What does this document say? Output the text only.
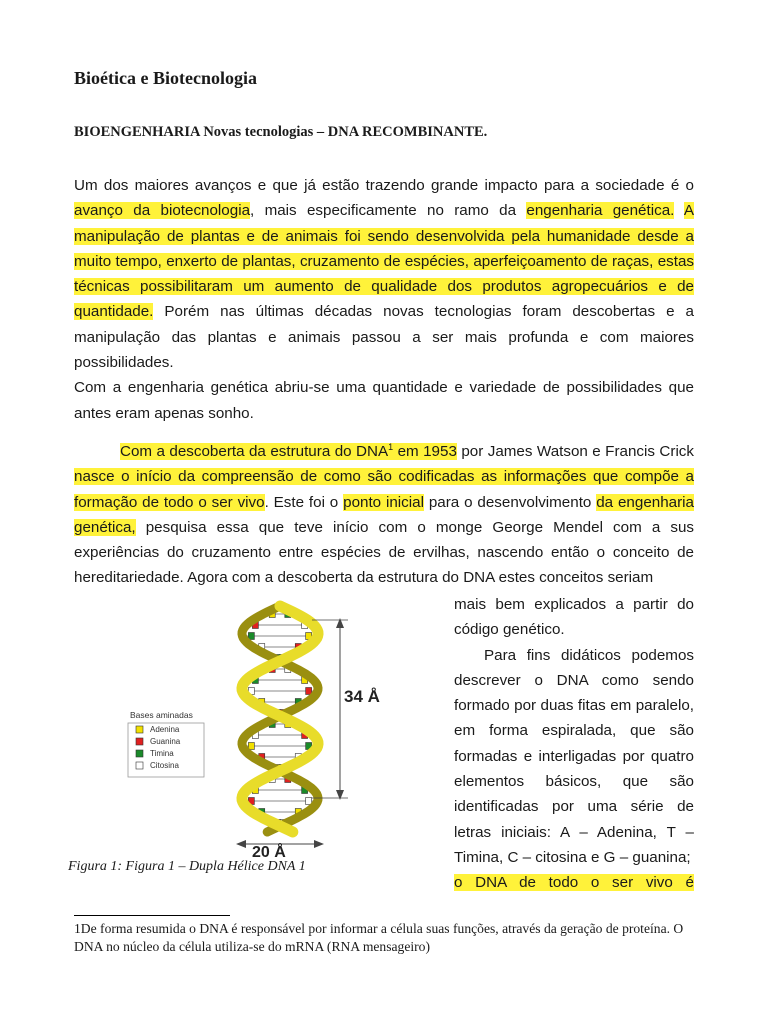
Bioética e Biotecnologia
BIOENGENHARIA Novas tecnologias – DNA RECOMBINANTE.
Um dos maiores avanços e que já estão trazendo grande impacto para a sociedade é o avanço da biotecnologia, mais especificamente no ramo da engenharia genética. A manipulação de plantas e de animais foi sendo desenvolvida pela humanidade desde a muito tempo, enxerto de plantas, cruzamento de espécies, aperfeiçoamento de raças, estas técnicas possibilitaram um aumento de qualidade dos produtos agropecuários e de quantidade. Porém nas últimas décadas novas tecnologias foram descobertas e a manipulação das plantas e animais passou a ser mais profunda e com maiores possibilidades.
Com a engenharia genética abriu-se uma quantidade e variedade de possibilidades que antes eram apenas sonho.
Com a descoberta da estrutura do DNA$^1$ em 1953 por James Watson e Francis Crick nasce o início da compreensão de como são codificadas as informações que compõe a formação de todo o ser vivo. Este foi o ponto inicial para o desenvolvimento da engenharia genética, pesquisa essa que teve início com o monge George Mendel com a sus experiências do cruzamento entre espécies de ervilhas, nascendo então o conceito de hereditariedade. Agora com a descoberta da estrutura do DNA estes conceitos seriam
mais bem explicados a partir do código genético.
Para fins didáticos podemos descrever o DNA como sendo formado por duas fitas em paralelo, em forma espiralada, que são formadas e interligadas por quatro elementos básicos, que são identificadas por uma série de letras iniciais: A – Adenina, T – Timina, C – citosina e G – guanina;
o DNA de todo o ser vivo é
34 Å
20 Å
Bases aminadas
Adenina
Guanina
Timina
Citosina
Figura 1: Figura 1 – Dupla Hélice DNA 1
1De forma resumida o DNA é responsável por informar a célula suas funções, através da geração de proteína. O DNA no núcleo da célula utiliza-se do mRNA (RNA mensageiro)
